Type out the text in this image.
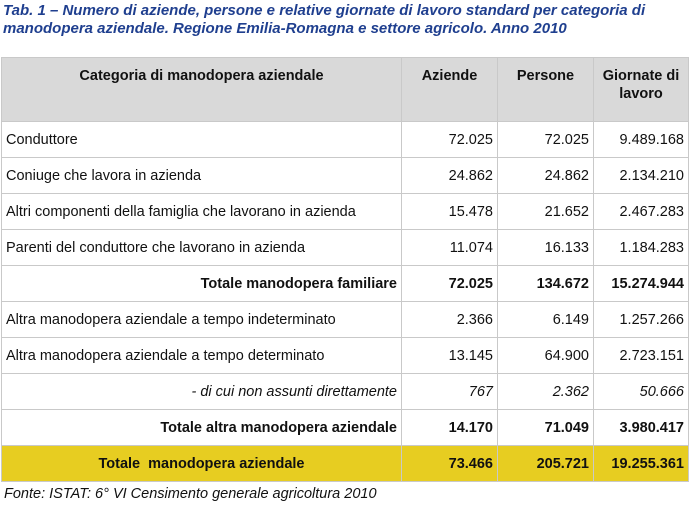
Tab. 1 – Numero di aziende, persone e relative giornate di lavoro standard per categoria di manodopera aziendale. Regione Emilia-Romagna e settore agricolo. Anno 2010
Categoria di manodopera aziendale	Aziende	Persone	Giornate di lavoro
Conduttore	72.025	72.025	9.489.168
Coniuge che lavora in azienda	24.862	24.862	2.134.210
Altri componenti della famiglia che lavorano in azienda	15.478	21.652	2.467.283
Parenti del conduttore che lavorano in azienda	11.074	16.133	1.184.283
Totale manodopera familiare	72.025	134.672	15.274.944
Altra manodopera aziendale a tempo indeterminato	2.366	6.149	1.257.266
Altra manodopera aziendale a tempo determinato	13.145	64.900	2.723.151
- di cui non assunti direttamente	767	2.362	50.666
Totale altra manodopera aziendale	14.170	71.049	3.980.417
Totale  manodopera aziendale	73.466	205.721	19.255.361
Fonte: ISTAT: 6° VI Censimento generale agricoltura 2010
